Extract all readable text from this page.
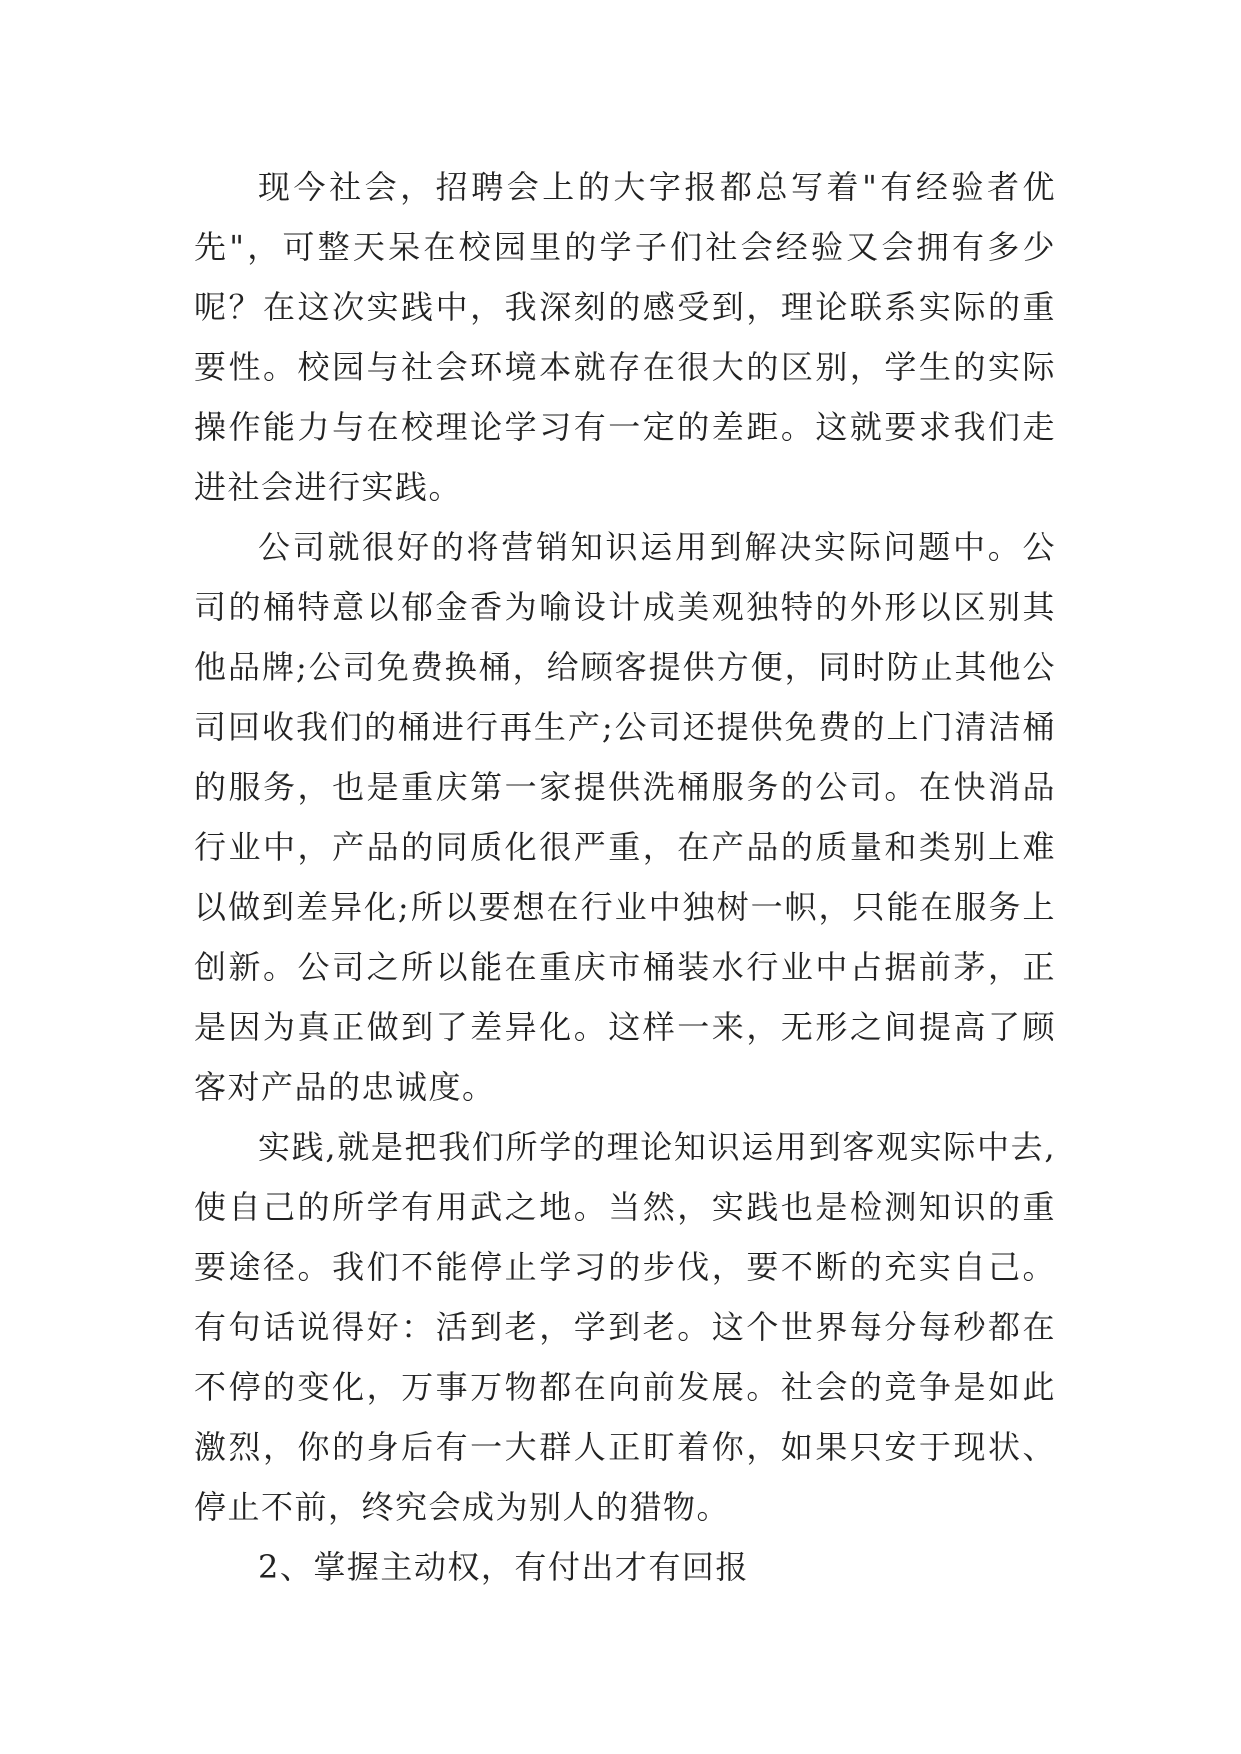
现今社会，招聘会上的大字报都总写着"有经验者优先"，可整天呆在校园里的学子们社会经验又会拥有多少呢？在这次实践中，我深刻的感受到，理论联系实际的重要性。校园与社会环境本就存在很大的区别，学生的实际操作能力与在校理论学习有一定的差距。这就要求我们走进社会进行实践。

公司就很好的将营销知识运用到解决实际问题中。公司的桶特意以郁金香为喻设计成美观独特的外形以区别其他品牌;公司免费换桶，给顾客提供方便，同时防止其他公司回收我们的桶进行再生产;公司还提供免费的上门清洁桶的服务，也是重庆第一家提供洗桶服务的公司。在快消品行业中，产品的同质化很严重，在产品的质量和类别上难以做到差异化;所以要想在行业中独树一帜，只能在服务上创新。公司之所以能在重庆市桶装水行业中占据前茅，正是因为真正做到了差异化。这样一来，无形之间提高了顾客对产品的忠诚度。

实践,就是把我们所学的理论知识运用到客观实际中去,使自己的所学有用武之地。当然，实践也是检测知识的重要途径。我们不能停止学习的步伐，要不断的充实自己。有句话说得好：活到老，学到老。这个世界每分每秒都在不停的变化，万事万物都在向前发展。社会的竞争是如此激烈，你的身后有一大群人正盯着你，如果只安于现状、停止不前，终究会成为别人的猎物。

2、掌握主动权，有付出才有回报
